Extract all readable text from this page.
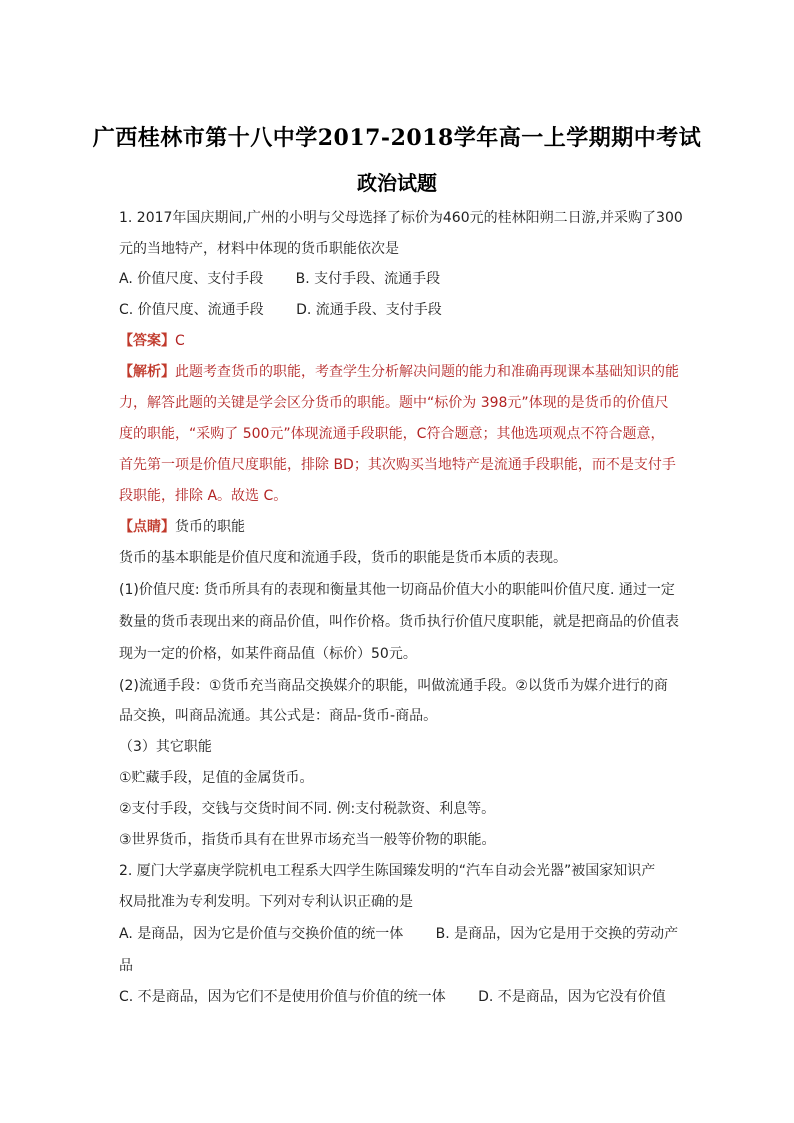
广西桂林市第十八中学2017-2018学年高一上学期期中考试
政治试题
1. 2017年国庆期间,广州的小明与父母选择了标价为460元的桂林阳朔二日游,并采购了300
元的当地特产，材料中体现的货币职能依次是
A. 价值尺度、支付手段　　 B. 支付手段、流通手段
C. 价值尺度、流通手段　　 D. 流通手段、支付手段
【答案】C
【解析】此题考查货币的职能，考查学生分析解决问题的能力和准确再现课本基础知识的能
力，解答此题的关键是学会区分货币的职能。题中“标价为 398元”体现的是货币的价值尺
度的职能，“采购了 500元”体现流通手段职能，C符合题意；其他选项观点不符合题意，
首先第一项是价值尺度职能，排除 BD；其次购买当地特产是流通手段职能，而不是支付手
段职能，排除 A。故选 C。
【点睛】货币的职能
货币的基本职能是价值尺度和流通手段，货币的职能是货币本质的表现。
(1)价值尺度: 货币所具有的表现和衡量其他一切商品价值大小的职能叫价值尺度. 通过一定
数量的货币表现出来的商品价值，叫作价格。货币执行价值尺度职能，就是把商品的价值表
现为一定的价格，如某件商品值（标价）50元。
(2)流通手段：①货币充当商品交换媒介的职能，叫做流通手段。②以货币为媒介进行的商
品交换，叫商品流通。其公式是：商品-货币-商品。
（3）其它职能
①贮藏手段，足值的金属货币。
②支付手段，交钱与交货时间不同. 例:支付税款资、利息等。
③世界货币，指货币具有在世界市场充当一般等价物的职能。
2. 厦门大学嘉庚学院机电工程系大四学生陈国臻发明的“汽车自动会光器”被国家知识产
权局批准为专利发明。下列对专利认识正确的是
A. 是商品，因为它是价值与交换价值的统一体　　 B. 是商品，因为它是用于交换的劳动产
品
C. 不是商品，因为它们不是使用价值与价值的统一体　　 D. 不是商品，因为它没有价值
